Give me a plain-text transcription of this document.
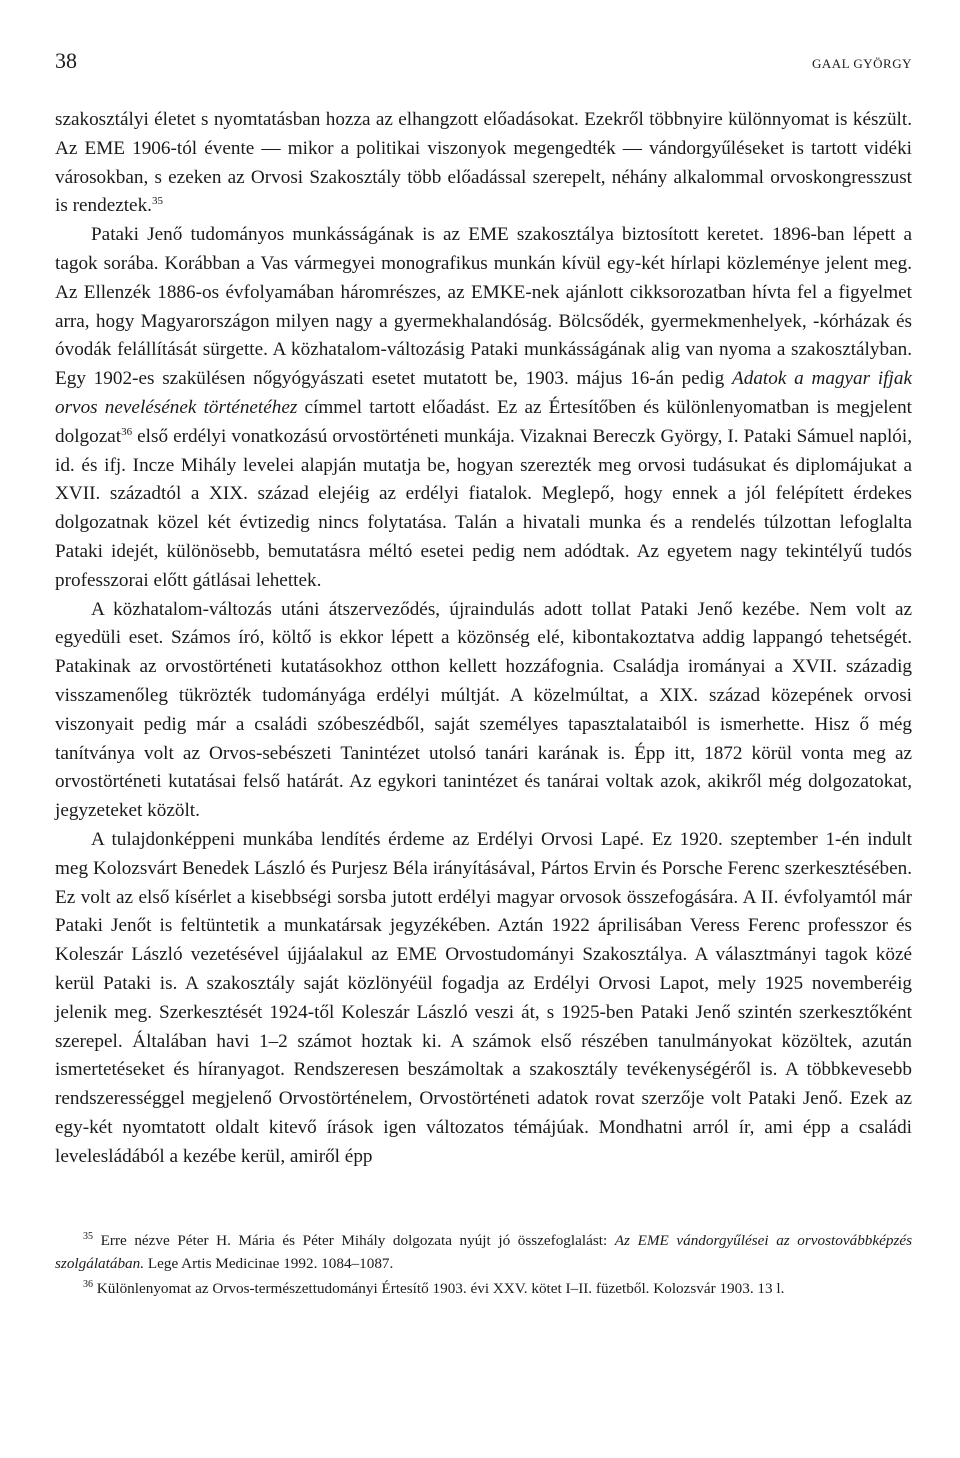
38	GAAL GYÖRGY

szakosztályi életet s nyomtatásban hozza az elhangzott előadásokat. Ezekről többnyire különnyomat is készült. Az EME 1906-tól évente — mikor a politikai viszonyok megengedték — vándorgyűléseket is tartott vidéki városokban, s ezeken az Orvosi Szakosztály több előadással szerepelt, néhány alkalommal orvoskongresszust is rendeztek.$^{35}$

Pataki Jenő tudományos munkásságának is az EME szakosztálya biztosított keretet. 1896-ban lépett a tagok sorába. Korábban a Vas vármegyei monografikus munkán kívül egy-két hírlapi közleménye jelent meg. Az Ellenzék 1886-os évfolyamában háromrészes, az EMKE-nek ajánlott cikksorozatban hívta fel a figyelmet arra, hogy Magyarországon milyen nagy a gyermekhalandóság. Bölcsődék, gyermekmenhelyek, -kórházak és óvodák felállítását sürgette. A közhatalom-változásig Pataki munkásságának alig van nyoma a szakosztályban. Egy 1902-es szakülésen nőgyógyászati esetet mutatott be, 1903. május 16-án pedig Adatok a magyar ifjak orvos nevelésének történetéhez címmel tartott előadást. Ez az Értesítőben és különlenyomatban is megjelent dolgozat$^{36}$ első erdélyi vonatkozású orvostörténeti munkája. Vizaknai Bereczk György, I. Pataki Sámuel naplói, id. és ifj. Incze Mihály levelei alapján mutatja be, hogyan szerezték meg orvosi tudásukat és diplomájukat a XVII. századtól a XIX. század elejéig az erdélyi fiatalok. Meglepő, hogy ennek a jól felépített érdekes dolgozatnak közel két évtizedig nincs folytatása. Talán a hivatali munka és a rendelés túlzottan lefoglalta Pataki idejét, különösebb, bemutatásra méltó esetei pedig nem adódtak. Az egyetem nagy tekintélyű tudós professzorai előtt gátlásai lehettek.

A közhatalom-változás utáni átszerveződés, újraindulás adott tollat Pataki Jenő kezébe. Nem volt az egyedüli eset. Számos író, költő is ekkor lépett a közönség elé, kibontakoztatva addig lappangó tehetségét. Patakinak az orvostörténeti kutatásokhoz otthon kellett hozzáfognia. Családja irományai a XVII. századig visszamenőleg tükrözték tudományága erdélyi múltját. A közelmúltat, a XIX. század közepének orvosi viszonyait pedig már a családi szóbeszédből, saját személyes tapasztalataiból is ismerhette. Hisz ő még tanítványa volt az Orvos-sebészeti Tanintézet utolsó tanári karának is. Épp itt, 1872 körül vonta meg az orvostörténeti kutatásai felső határát. Az egykori tanintézet és tanárai voltak azok, akikről még dolgozatokat, jegyzeteket közölt.

A tulajdonképpeni munkába lendítés érdeme az Erdélyi Orvosi Lapé. Ez 1920. szeptember 1-én indult meg Kolozsvárt Benedek László és Purjesz Béla irányításával, Pártos Ervin és Porsche Ferenc szerkesztésében. Ez volt az első kísérlet a kisebbségi sorsba jutott erdélyi magyar orvosok összefogására. A II. évfolyamtól már Pataki Jenőt is feltüntetik a munkatársak jegyzékében. Aztán 1922 áprilisában Veress Ferenc professzor és Koleszár László vezetésével újjáalakul az EME Orvostudományi Szakosztálya. A választmányi tagok közé kerül Pataki is. A szakosztály saját közlönyéül fogadja az Erdélyi Orvosi Lapot, mely 1925 novemberéig jelenik meg. Szerkesztését 1924-től Koleszár László veszi át, s 1925-ben Pataki Jenő szintén szerkesztőként szerepel. Általában havi 1–2 számot hoztak ki. A számok első részében tanulmányokat közöltek, azután ismertetéseket és híranyagot. Rendszeresen beszámoltak a szakosztály tevékenységéről is. A többkevesebb rendszerességgel megjelenő Orvostörténelem, Orvostörténeti adatok rovat szerzője volt Pataki Jenő. Ezek az egy-két nyomtatott oldalt kitevő írások igen változatos témájúak. Mondhatni arról ír, ami épp a családi levelesládából a kezébe kerül, amiről épp

$^{35}$ Erre nézve Péter H. Mária és Péter Mihály dolgozata nyújt jó összefoglalást: Az EME vándorgyűlései az orvostovábbképzés szolgálatában. Lege Artis Medicinae 1992. 1084–1087.

$^{36}$ Különlenyomat az Orvos-természettudományi Értesítő 1903. évi XXV. kötet I–II. füzetből. Kolozsvár 1903. 13 l.
